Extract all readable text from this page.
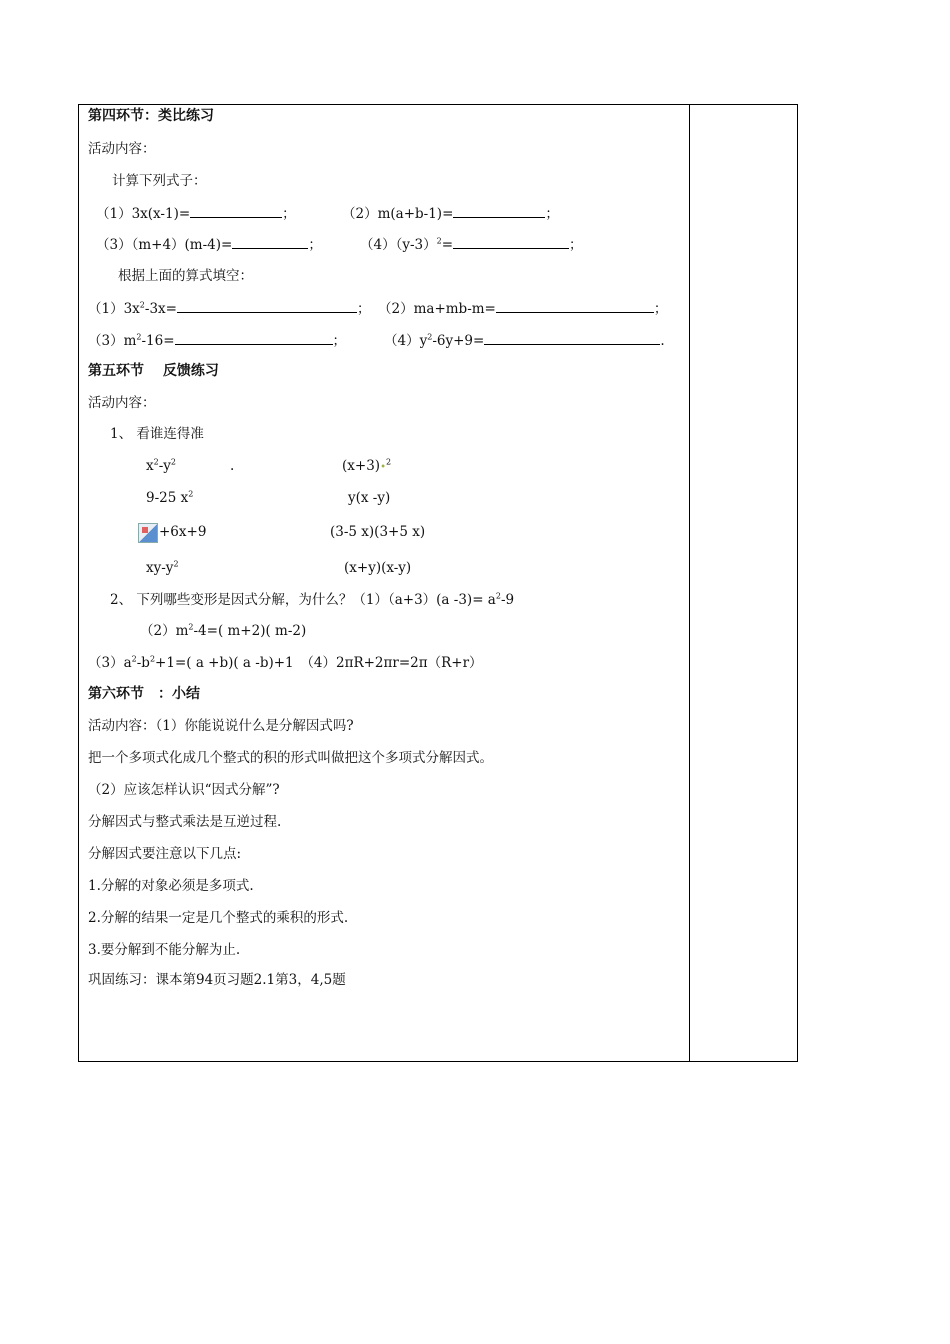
第四环节：类比练习
活动内容：
计算下列式子：
（1）3x(x-1)=	；	（2）m(a+b-1)=	；
（3）（m+4）(m-4)=	；	$(4)(y-3)^2=$	；
根据上面的算式填空：
$(1)3x^2-3x=$	； （2）ma+mb-m=	；
$(3)m^2-16=$	；	$(4)y^2-6y+9=$	.
第五环节　 反馈练习
活动内容：
1、 看谁连得准
$x^2-y^2$	.	(x+3)•$^2$
9-25 $x^2$	y(x -y)
+6x+9	(3-5 x)(3+5 x)
$xy-y^2$	(x+y)(x-y)
2、 下列哪些变形是因式分解，为什么？（1）（a+3）(a $-3)= a^2-9$
$(2)m^2-4=$( m+2)( m-2)
$(3)a^2-b^2+1=$( a +b)( a -b)+1　（4）2πR+2πr=2π（R+r）
第六环节　：小结
活动内容：（1）你能说说什么是分解因式吗?
把一个多项式化成几个整式的积的形式叫做把这个多项式分解因式。
（2）应该怎样认识“因式分解”?
分解因式与整式乘法是互逆过程.
分解因式要注意以下几点:
1.分解的对象必须是多项式.
2.分解的结果一定是几个整式的乘积的形式.
3.要分解到不能分解为止.
巩固练习：课本第94页习题2.1第3，4,5题
